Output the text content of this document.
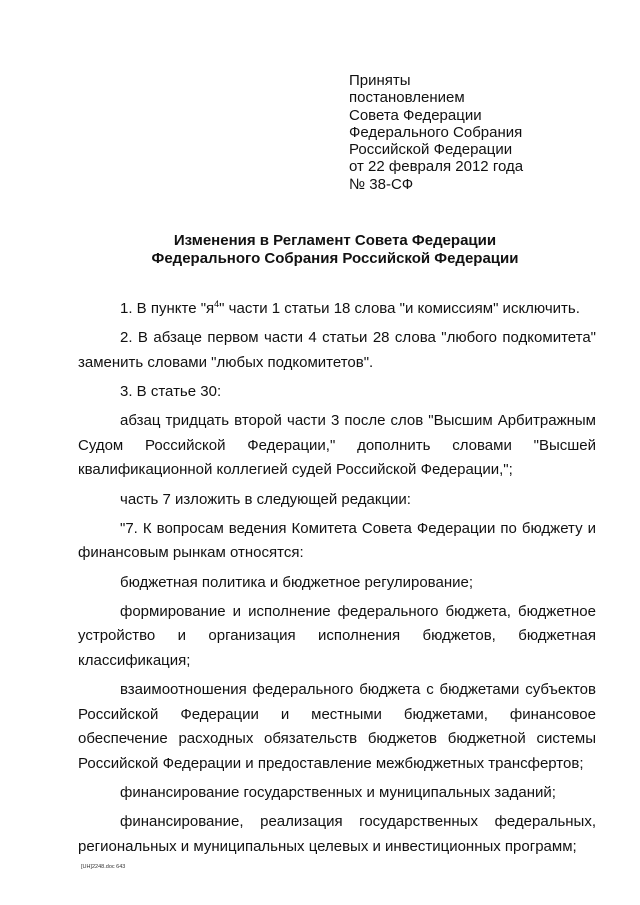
Приняты
постановлением
Совета Федерации
Федерального Собрания
Российской Федерации
от 22 февраля 2012 года
№ 38-СФ
Изменения в Регламент Совета Федерации
Федерального Собрания Российской Федерации

1. В пункте "$я^4$" части 1 статьи 18 слова "и комиссиям" исключить.

2. В абзаце первом части 4 статьи 28 слова "любого подкомитета" заменить словами "любых подкомитетов".

3. В статье 30:

абзац тридцать второй части 3 после слов "Высшим Арбитражным Судом Российской Федерации," дополнить словами "Высшей квалификационной коллегией судей Российской Федерации,";

часть 7 изложить в следующей редакции:

"7. К вопросам ведения Комитета Совета Федерации по бюджету и финансовым рынкам относятся:

бюджетная политика и бюджетное регулирование;

формирование и исполнение федерального бюджета, бюджетное устройство и организация исполнения бюджетов, бюджетная классификация;

взаимоотношения федерального бюджета с бюджетами субъектов Российской Федерации и местными бюджетами, финансовое обеспечение расходных обязательств бюджетов бюджетной системы Российской Федерации и предоставление межбюджетных трансфертов;

финансирование государственных и муниципальных заданий;

финансирование, реализация государственных федеральных, региональных и муниципальных целевых и инвестиционных программ;

[UH]2248.doc 643
